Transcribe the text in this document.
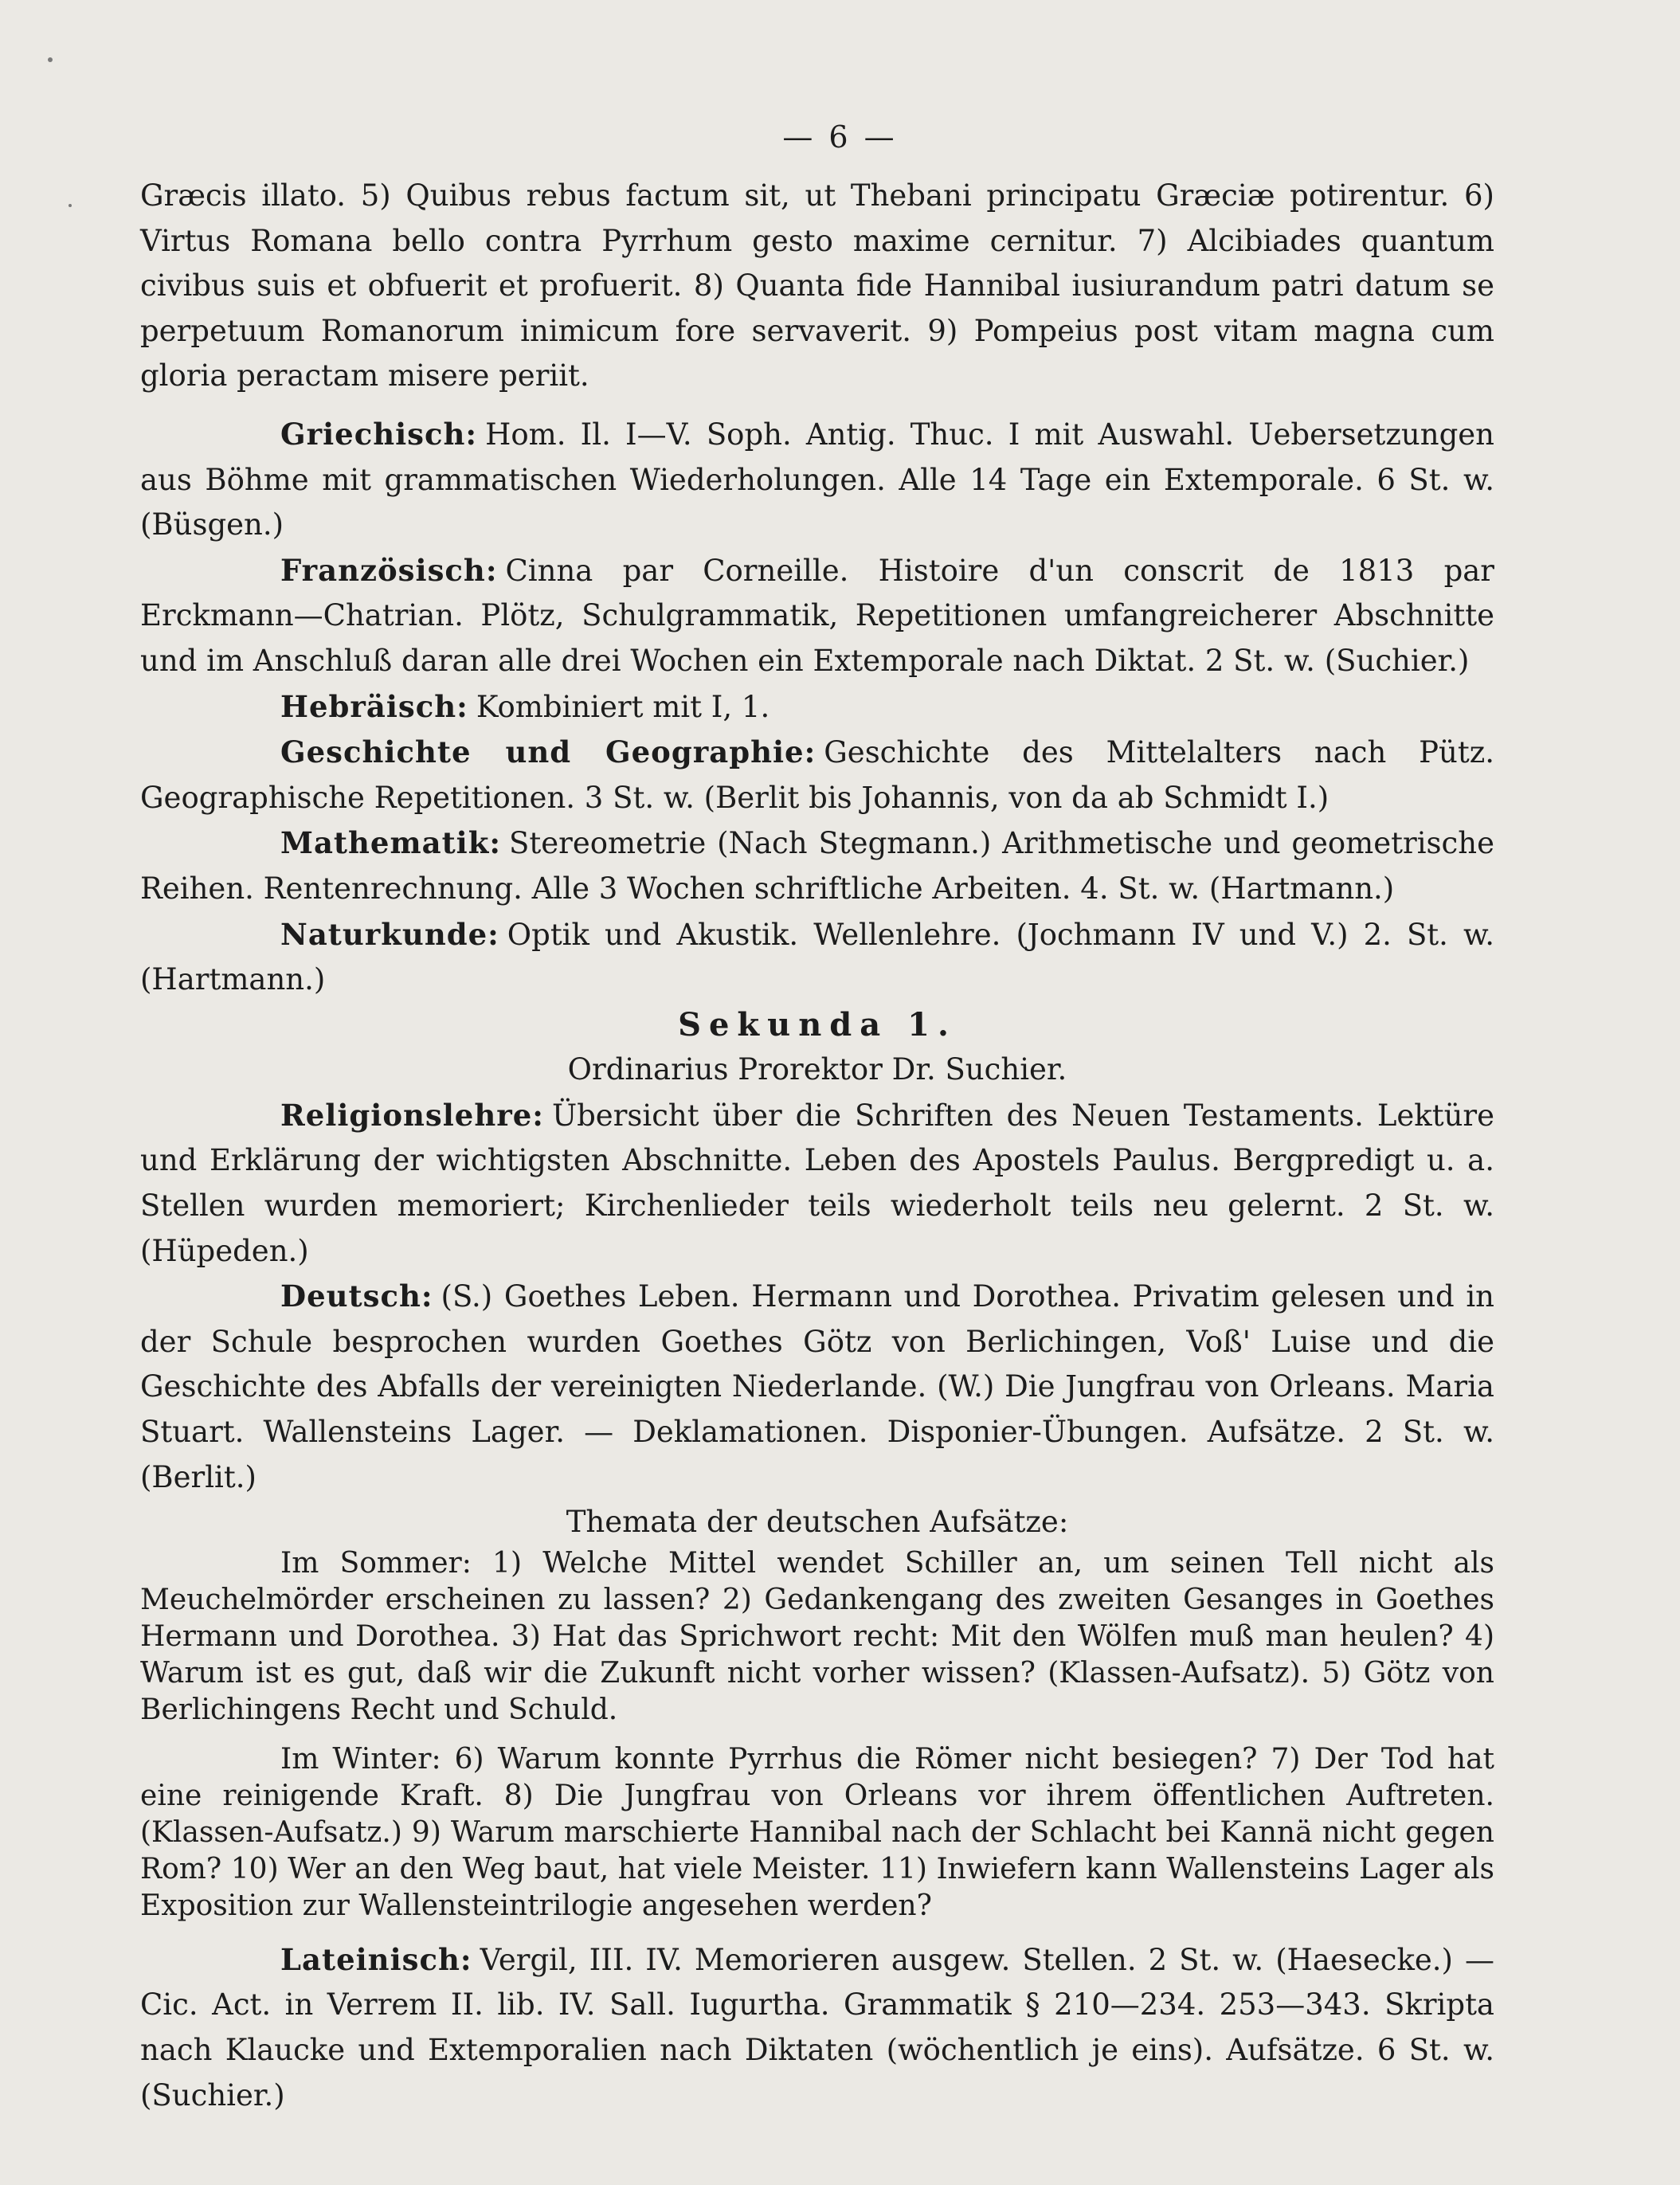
— 6 —

Græcis illato. 5) Quibus rebus factum sit, ut Thebani principatu Græciæ potirentur. 6) Virtus Romana bello contra Pyrrhum gesto maxime cernitur. 7) Alcibiades quantum civibus suis et obfuerit et profuerit. 8) Quanta fide Hannibal iusiurandum patri datum se perpetuum Romanorum inimicum fore servaverit. 9) Pompeius post vitam magna cum gloria peractam misere periit.

Griechisch: Hom. Il. I—V. Soph. Antig. Thuc. I mit Auswahl. Uebersetzungen aus Böhme mit grammatischen Wiederholungen. Alle 14 Tage ein Extemporale. 6 St. w. (Büsgen.)

Französisch: Cinna par Corneille. Histoire d'un conscrit de 1813 par Erckmann—Chatrian. Plötz, Schulgrammatik, Repetitionen umfangreicherer Abschnitte und im Anschluß daran alle drei Wochen ein Extemporale nach Diktat. 2 St. w. (Suchier.)

Hebräisch: Kombiniert mit I, 1.

Geschichte und Geographie: Geschichte des Mittelalters nach Pütz. Geographische Repetitionen. 3 St. w. (Berlit bis Johannis, von da ab Schmidt I.)

Mathematik: Stereometrie (Nach Stegmann.) Arithmetische und geometrische Reihen. Rentenrechnung. Alle 3 Wochen schriftliche Arbeiten. 4. St. w. (Hartmann.)

Naturkunde: Optik und Akustik. Wellenlehre. (Jochmann IV und V.) 2. St. w. (Hartmann.)

Sekunda 1.

Ordinarius Prorektor Dr. Suchier.

Religionslehre: Übersicht über die Schriften des Neuen Testaments. Lektüre und Erklärung der wichtigsten Abschnitte. Leben des Apostels Paulus. Bergpredigt u. a. Stellen wurden memoriert; Kirchenlieder teils wiederholt teils neu gelernt. 2 St. w. (Hüpeden.)

Deutsch: (S.) Goethes Leben. Hermann und Dorothea. Privatim gelesen und in der Schule besprochen wurden Goethes Götz von Berlichingen, Voß' Luise und die Geschichte des Abfalls der vereinigten Niederlande. (W.) Die Jungfrau von Orleans. Maria Stuart. Wallensteins Lager. — Deklamationen. Disponier-Übungen. Aufsätze. 2 St. w. (Berlit.)

Themata der deutschen Aufsätze:

Im Sommer: 1) Welche Mittel wendet Schiller an, um seinen Tell nicht als Meuchelmörder erscheinen zu lassen? 2) Gedankengang des zweiten Gesanges in Goethes Hermann und Dorothea. 3) Hat das Sprichwort recht: Mit den Wölfen muß man heulen? 4) Warum ist es gut, daß wir die Zukunft nicht vorher wissen? (Klassen-Aufsatz). 5) Götz von Berlichingens Recht und Schuld.

Im Winter: 6) Warum konnte Pyrrhus die Römer nicht besiegen? 7) Der Tod hat eine reinigende Kraft. 8) Die Jungfrau von Orleans vor ihrem öffentlichen Auftreten. (Klassen-Aufsatz.) 9) Warum marschierte Hannibal nach der Schlacht bei Kannä nicht gegen Rom? 10) Wer an den Weg baut, hat viele Meister. 11) Inwiefern kann Wallensteins Lager als Exposition zur Wallensteintrilogie angesehen werden?

Lateinisch: Vergil, III. IV. Memorieren ausgew. Stellen. 2 St. w. (Haesecke.) — Cic. Act. in Verrem II. lib. IV. Sall. Iugurtha. Grammatik § 210—234. 253—343. Skripta nach Klaucke und Extemporalien nach Diktaten (wöchentlich je eins). Aufsätze. 6 St. w. (Suchier.)
